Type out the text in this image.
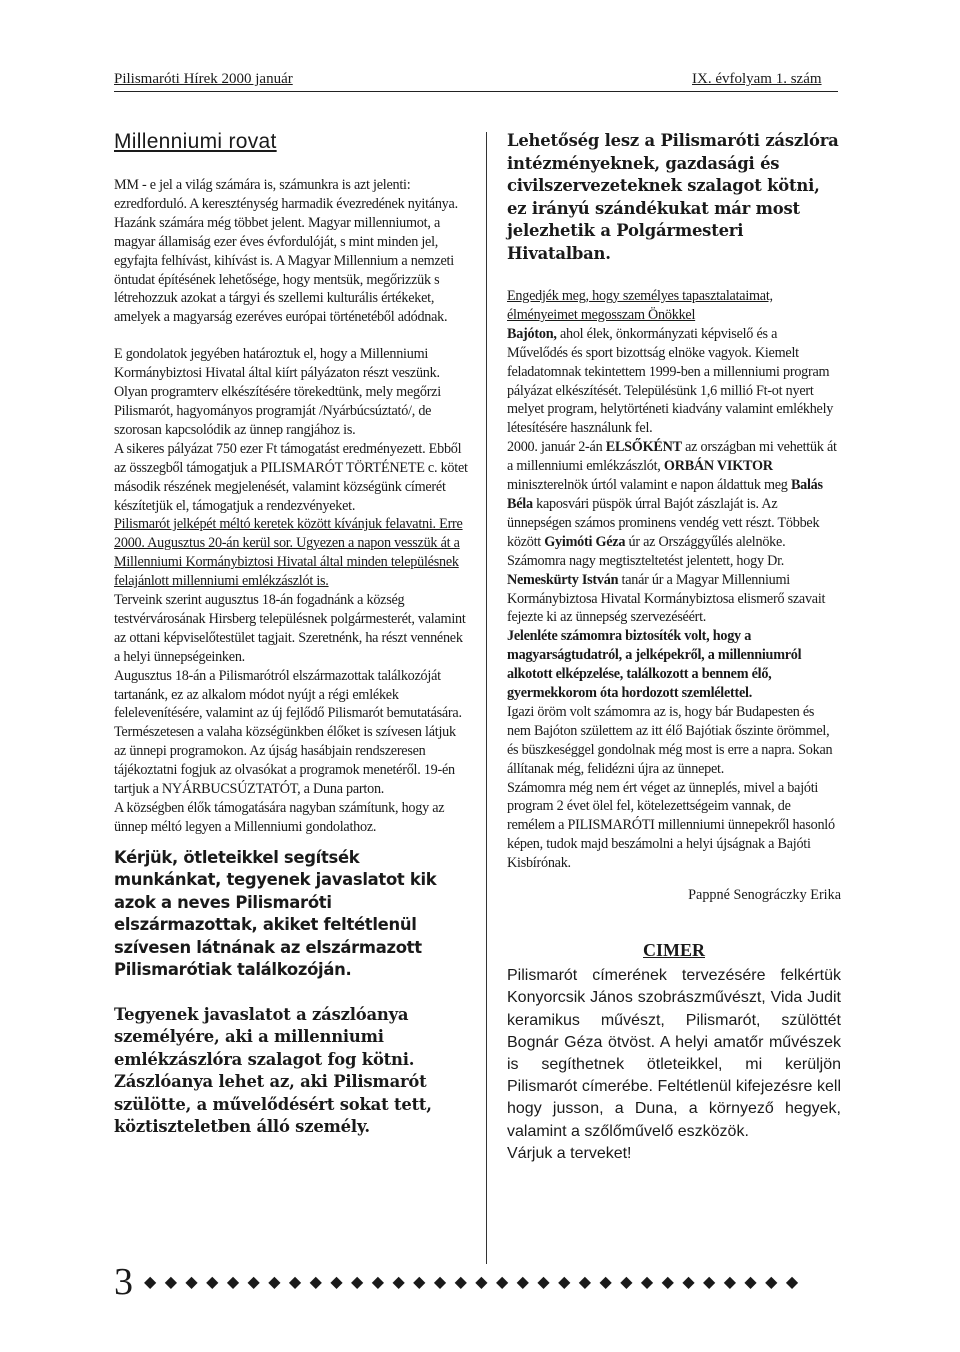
Pilismaróti Hírek 2000 január	IX. évfolyam 1. szám
Millenniumi rovat

MM - e jel a világ számára is, számunkra is azt jelenti: ezredforduló. A kereszténység harmadik évezredének nyitánya. Hazánk számára még többet jelent. Magyar millenniumot, a magyar államiság ezer éves évfordulóját, s mint minden jel, egyfajta felhívást, kihívást is. A Magyar Millennium a nemzeti öntudat építésének lehetősége, hogy mentsük, megőrizzük s létrehozzuk azokat a tárgyi és szellemi kulturális értékeket, amelyek a magyarság ezeréves európai történetéből adódnak.

E gondolatok jegyében határoztuk el, hogy a Millenniumi Kormánybiztosi Hivatal által kiírt pályázaton részt veszünk. Olyan programterv elkészítésére törekedtünk, mely megőrzi Pilismarót, hagyományos programját /Nyárbúcsúztató/, de szorosan kapcsolódik az ünnep rangjához is.

A sikeres pályázat 750 ezer Ft támogatást eredményezett. Ebből az összegből támogatjuk a PILISMARÓT TÖRTÉNETE c. kötet második részének megjelenését, valamint községünk címerét készítetjük el, támogatjuk a rendezvényeket.

Pilismarót jelképét méltó keretek között kívánjuk felavatni. Erre 2000. Augusztus 20-án kerül sor. Ugyezen a napon vesszük át a Millenniumi Kormánybiztosi Hivatal által minden településnek felajánlott millenniumi emlékzászlót is.

Terveink szerint augusztus 18-án fogadnánk a község testvérvárosának Hirsberg településnek polgármesterét, valamint az ottani képviselőtestület tagjait. Szeretnénk, ha részt vennének a helyi ünnepségeinken.

Augusztus 18-án a Pilismarótról elszármazottak találkozóját tartanánk, ez az alkalom módot nyújt a régi emlékek felelevenítésére, valamint az új fejlődő Pilismarót bemutatására. Természetesen a valaha községünkben élőket is szívesen látjuk az ünnepi programokon. Az újság hasábjain rendszeresen tájékoztatni fogjuk az olvasókat a programok menetéről. 19-én tartjuk a NYÁRBUCSÚZTATÓT, a Duna parton.

A községben élők támogatására nagyban számítunk, hogy az ünnep méltó legyen a Millenniumi gondolathoz.

Kérjük, ötleteikkel segítsék munkánkat, tegyenek javaslatot kik azok a neves Pilismaróti elszármazottak, akiket feltétlenül szívesen látnának az elszármazott Pilismarótiak találkozóján.

Tegyenek javaslatot a zászlóanya személyére, aki a millenniumi emlékzászlóra szalagot fog kötni. Zászlóanya lehet az, aki Pilismarót szülötte, a művelődésért sokat tett, köztiszteletben álló személy.

Lehetőség lesz a Pilismaróti zászlóra intézményeknek, gazdasági és civilszervezeteknek szalagot kötni, ez irányú szándékukat már most jelezhetik a Polgármesteri Hivatalban.

Engedjék meg, hogy személyes tapasztalataimat, élményeimet megosszam Önökkel
Bajóton, ahol élek, önkormányzati képviselő és a Művelődés és sport bizottság elnöke vagyok. Kiemelt feladatomnak tekintettem 1999-ben a millenniumi program pályázat elkészítését. Településünk 1,6 millió Ft-ot nyert melyet program, helytörténeti kiadvány valamint emlékhely létesítésére használunk fel.

2000. január 2-án ELSŐKÉNT az országban mi vehettük át a millenniumi emlékzászlót, ORBÁN VIKTOR miniszterelnök úrtól valamint e napon áldattuk meg Balás Béla kaposvári püspök úrral Bajót zászlaját is. Az ünnepségen számos prominens vendég vett részt. Többek között Gyimóti Géza úr az Országgyűlés alelnöke. Számomra nagy megtiszteltetést jelentett, hogy Dr. Nemeskürty István tanár úr a Magyar Millenniumi Kormánybiztosa Hivatal Kormánybiztosa elismerő szavait fejezte ki az ünnepség szervezéséért.

Jelenléte számomra biztosíték volt, hogy a magyarságtudatról, a jelképekről, a millenniumról alkotott elképzelése, találkozott a bennem élő, gyermekkorom óta hordozott szemlélettel.

Igazi öröm volt számomra az is, hogy bár Budapesten és nem Bajóton születtem az itt élő Bajótiak őszinte örömmel, és büszkeséggel gondolnak még most is erre a napra. Sokan állítanak még, felidézni újra az ünnepet.

Számomra még nem ért véget az ünneplés, mivel a bajóti program 2 évet ölel fel, kötelezettségeim vannak, de remélem a PILISMARÓTI millenniumi ünnepekről hasonló képen, tudok majd beszámolni a helyi újságnak a Bajóti Kisbírónak.

Pappné Senográczky Erika

CIMER

Pilismarót címerének tervezésére felkértük Konyorcsik János szobrászművészt, Vida Judit keramikus művészt, Pilismarót, szülöttét Bognár Géza ötvöst. A helyi amatőr művészek is segíthetnek ötleteikkel, mi kerüljön Pilismarót címerébe. Feltétlenül kifejezésre kell hogy jusson, a Duna, a környező hegyek, valamint a szőlőművelő eszközök.

Várjuk a terveket!

3 ◆ ◆ ◆ ◆ ◆ ◆ ◆ ◆ ◆ ◆ ◆ ◆ ◆ ◆ ◆ ◆ ◆ ◆ ◆ ◆ ◆ ◆ ◆ ◆ ◆ ◆ ◆ ◆ ◆ ◆ ◆ ◆
